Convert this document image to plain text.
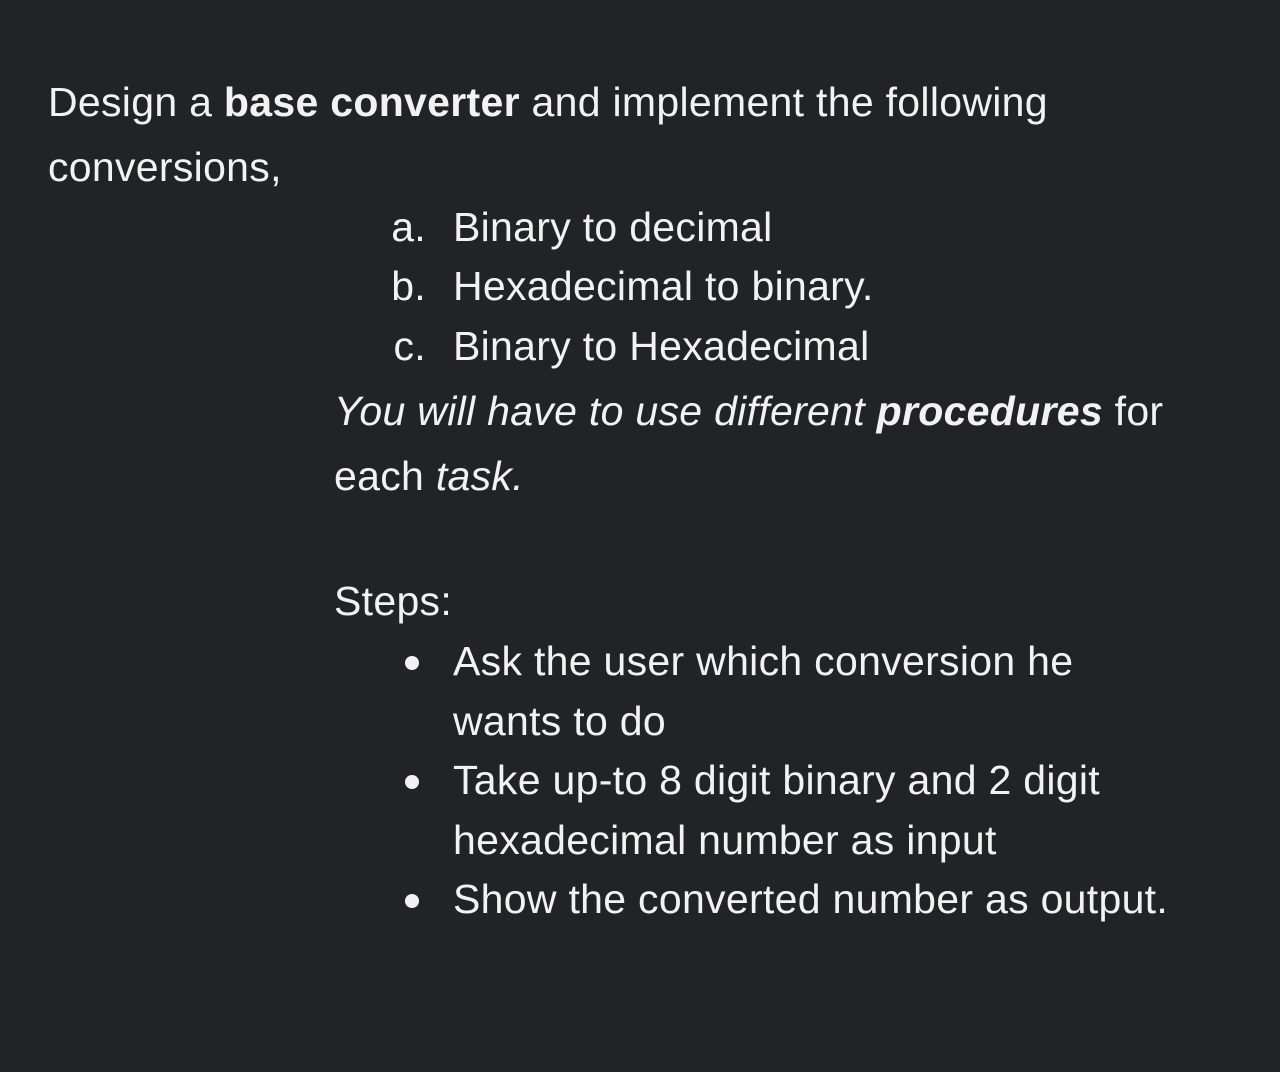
Design a base converter and implement the following
conversions,
a. Binary to decimal
b. Hexadecimal to binary.
c. Binary to Hexadecimal
You will have to use different procedures for
each task.
Steps:
Ask the user which conversion he
wants to do
Take up-to 8 digit binary and 2 digit
hexadecimal number as input
Show the converted number as output.
